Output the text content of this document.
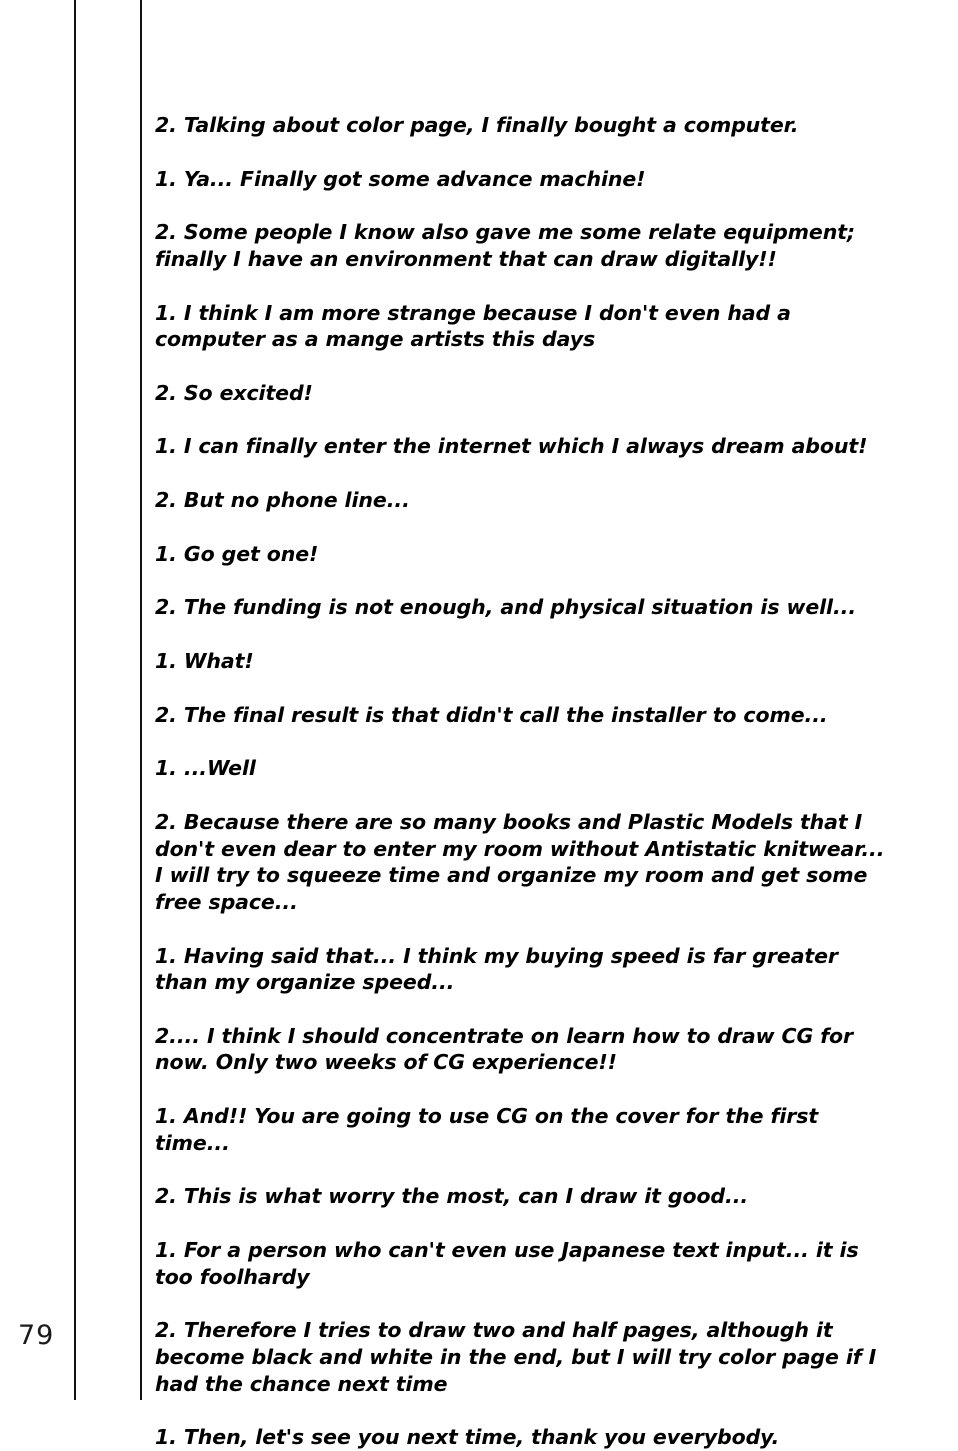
79

2. Talking about color page, I finally bought a computer.

1. Ya... Finally got some advance machine!

2. Some people I know also gave me some relate equipment; finally I have an environment that can draw digitally!!

1. I think I am more strange because I don't even had a computer as a mange artists this days

2. So excited!

1. I can finally enter the internet which I always dream about!

2. But no phone line...

1. Go get one!

2. The funding is not enough, and physical situation is well...

1. What!

2. The final result is that didn't call the installer to come...

1. ...Well

2. Because there are so many books and Plastic Models that I don't even dear to enter my room without Antistatic knitwear...
I will try to squeeze time and organize my room and get some free space...

1. Having said that... I think my buying speed is far greater than my organize speed...

2.... I think I should concentrate on learn how to draw CG for now. Only two weeks of CG experience!!

1. And!! You are going to use CG on the cover for the first time...

2. This is what worry the most, can I draw it good...

1. For a person who can't even use Japanese text input... it is too foolhardy

2. Therefore I tries to draw two and half pages, although it become black and white in the end, but I will try color page if I had the chance next time

1. Then, let's see you next time, thank you everybody.
